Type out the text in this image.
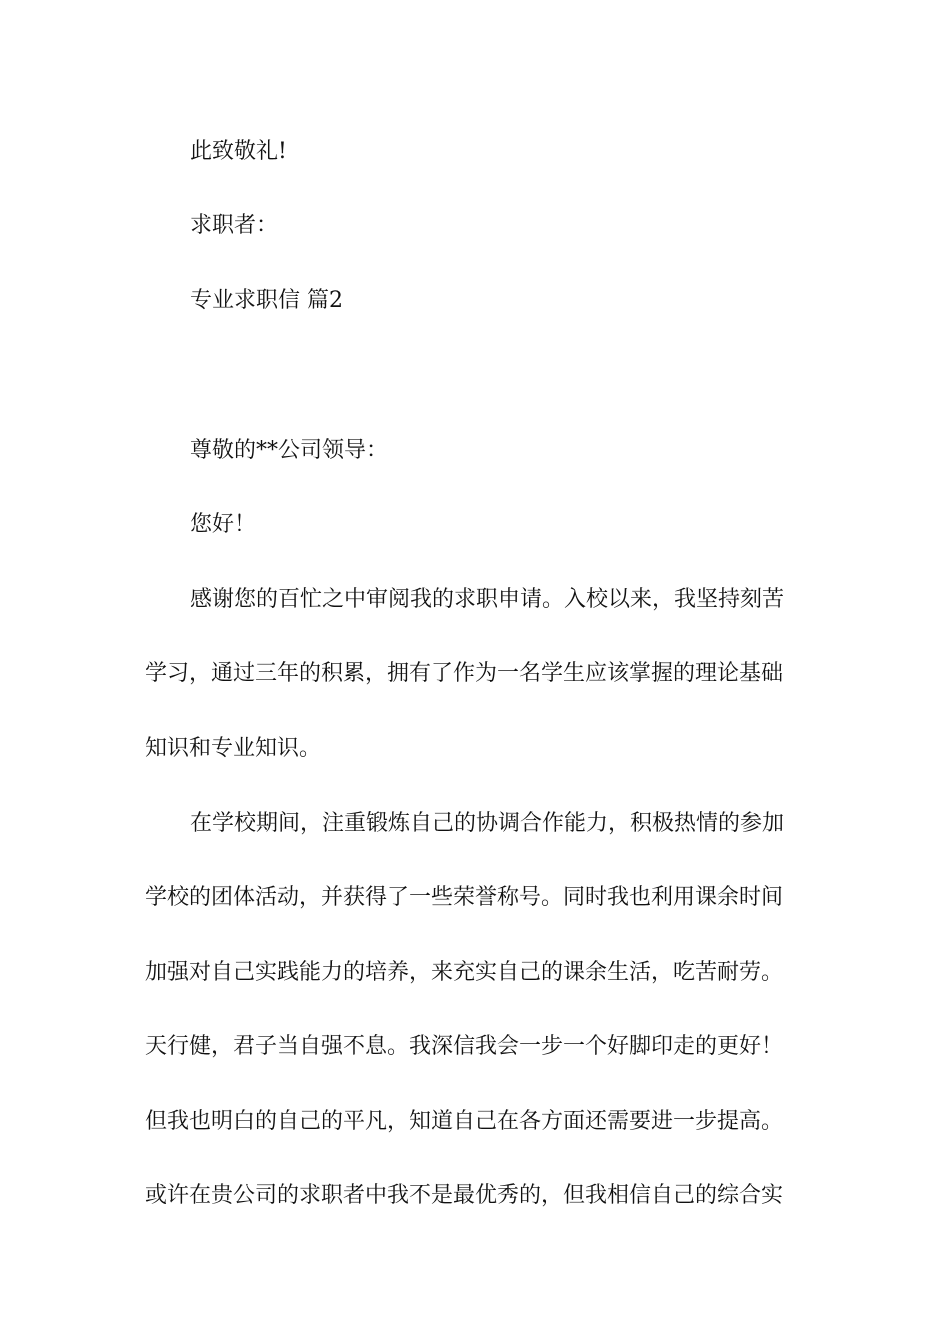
此致敬礼!
求职者：
专业求职信 篇2
尊敬的**公司领导：
您好！
感谢您的百忙之中审阅我的求职申请。入校以来，我坚持刻苦
学习，通过三年的积累，拥有了作为一名学生应该掌握的理论基础
知识和专业知识。
在学校期间，注重锻炼自己的协调合作能力，积极热情的参加
学校的团体活动，并获得了一些荣誉称号。同时我也利用课余时间
加强对自己实践能力的培养，来充实自己的课余生活，吃苦耐劳。
天行健，君子当自强不息。我深信我会一步一个好脚印走的更好！
但我也明白的自己的平凡，知道自己在各方面还需要进一步提高。
或许在贵公司的求职者中我不是最优秀的，但我相信自己的综合实
